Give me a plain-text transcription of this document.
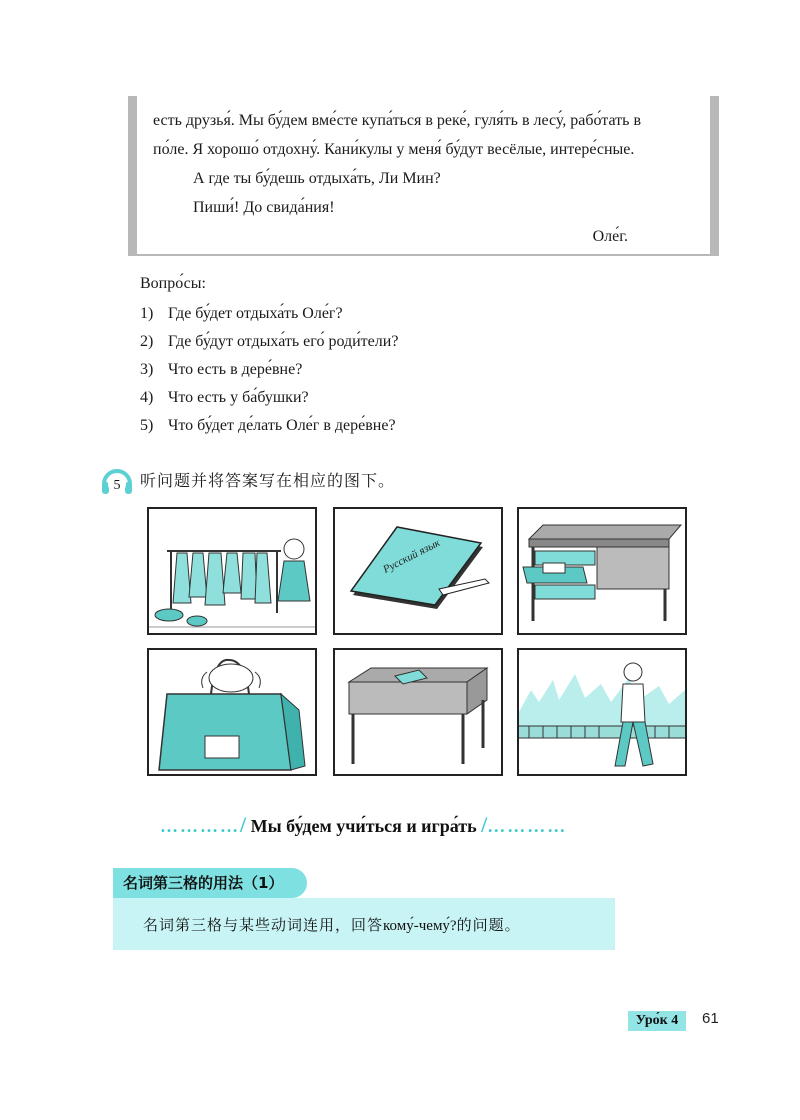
есть друзья́. Мы бу́дем вме́сте купа́ться в реке́, гуля́ть в лесу́, рабо́тать в

по́ле. Я хорошо́ отдохну́. Кани́кулы у меня́ бу́дут весёлые, интере́сные.

А где ты бу́дешь отдыха́ть, Ли Мин?

Пиши́! До свида́ния!

Оле́г.

Вопро́сы:

1) Где бу́дет отдыха́ть Оле́г?

2) Где бу́дут отдыха́ть его́ роди́тели?

3) Что есть в дере́вне?

4) Что есть у ба́бушки?

5) Что бу́дет де́лать Оле́г в дере́вне?

5 听问题并将答案写在相应的图下。
Русский язык
…………/ Мы бу́дем учи́ться и игра́ть /…………
名词第三格的用法（1）
名词第三格与某些动词连用，回答кому́-чему́?的问题。
Уро́к 4	61
